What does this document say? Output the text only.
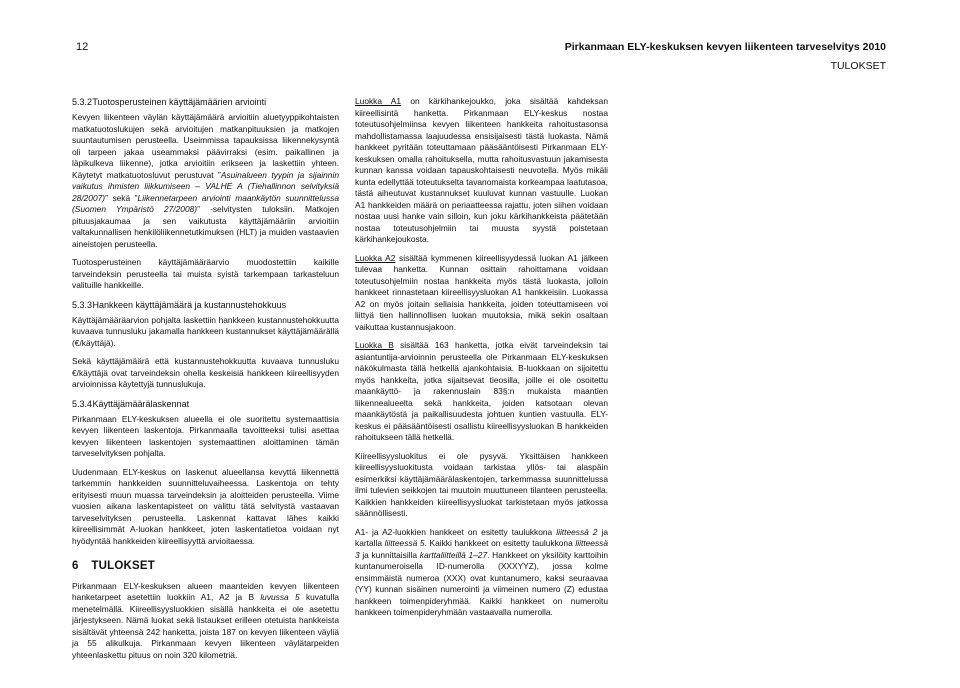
12	Pirkanmaan ELY-keskuksen kevyen liikenteen tarveselvitys 2010
TULOKSET
5.3.2 Tuotosperusteinen käyttäjämäärien arviointi

Kevyen liikenteen väylän käyttäjämäärä arvioitiin aluetyyppikohtaisten matkatuotoslukujen sekä arvioitujen matkanpituuksien ja matkojen suuntautumisen perusteella. Useimmissa tapauksissa liikennekysyntä oli tarpeen jakaa useammaksi päävirraksi (esim. paikallinen ja läpikulkeva liikenne), jotka arvioitiin erikseen ja laskettiin yhteen. Käytetyt matkatuotosluvut perustuvat ”Asuinalueen tyypin ja sijainnin vaikutus ihmisten liikkumiseen – VALHE A (Tiehallinnon selvityksiä 28/2007)” sekä ”Liikennetarpeen arviointi maankäytön suunnittelussa (Suomen Ympäristö 27/2008)” -selvitysten tuloksiin. Matkojen pituusjakaumaa ja sen vaikutusta käyttäjämääriin arvioitiin valtakunnallisen henkilöliikennetutkimuksen (HLT) ja muiden vastaavien aineistojen perusteella.

Tuotosperusteinen käyttäjämääräarvio muodostettiin kaikille tarveindeksin perusteella tai muista syistä tarkempaan tarkasteluun valituille hankkeille.

5.3.3 Hankkeen käyttäjämäärä ja kustannustehokkuus

Käyttäjämääräarvion pohjalta laskettiin hankkeen kustannustehokkuutta kuvaava tunnusluku jakamalla hankkeen kustannukset käyttäjämäärällä (€/käyttäjä).

Sekä käyttäjämäärä että kustannustehokkuutta kuvaava tunnusluku €/käyttäjä ovat tarveindeksin ohella keskeisiä hankkeen kiireellisyyden arvioinnissa käytettyjä tunnuslukuja.

5.3.4 Käyttäjämäärälaskennat

Pirkanmaan ELY-keskuksen alueella ei ole suoritettu systemaattisia kevyen liikenteen laskentoja. Pirkanmaalla tavoitteeksi tulisi asettaa kevyen liikenteen laskentojen systemaattinen aloittaminen tämän tarveselvityksen pohjalta.

Uudenmaan ELY-keskus on laskenut alueellansa kevyttä liikennettä tarkemmin hankkeiden suunnitteluvaiheessa. Laskentoja on tehty erityisesti muun muassa tarveindeksin ja aloitteiden perusteella. Viime vuosien aikana laskentapisteet on valittu tätä selvitystä vastaavan tarveselvityksen perusteella. Laskennat kattavat lähes kaikki kiireellisimmät A-luokan hankkeet, joten laskentatietoa voidaan nyt hyödyntää hankkeiden kiireellisyyttä arvioitaessa.

6 TULOKSET

Pirkanmaan ELY-keskuksen alueen maanteiden kevyen liikenteen hanketarpeet asetettiin luokkiin A1, A2 ja B luvussa 5 kuvatulla menetelmällä. Kiireellisyysluokkien sisällä hankkeita ei ole asetettu järjestykseen. Nämä luokat sekä listaukset erilleen otetuista hankkeista sisältävät yhteensä 242 hanketta, joista 187 on kevyen liikenteen väyliä ja 55 alikulkuja. Pirkanmaan kevyen liikenteen väylätarpeiden yhteenlaskettu pituus on noin 320 kilometriä.

Luokka A1 on kärkihankejoukko, joka sisältää kahdeksan kiireellisintä hanketta. Pirkanmaan ELY-keskus nostaa toteutusohjelmiinsa kevyen liikenteen hankkeita rahoitustasonsa mahdollistamassa laajuudessa ensisijaisesti tästä luokasta. Nämä hankkeet pyritään toteuttamaan pääsääntöisesti Pirkanmaan ELY-keskuksen omalla rahoituksella, mutta rahoitusvastuun jakamisesta kunnan kanssa voidaan tapauskohtaisesti neuvotella. Myös mikäli kunta edellyttää toteutukselta tavanomaista korkeampaa laatutasoa, tästä aiheutuvat kustannukset kuuluvat kunnan vastuulle. Luokan A1 hankkeiden määrä on periaatteessa rajattu, joten siihen voidaan nostaa uusi hanke vain silloin, kun joku kärkihankkeista päätetään nostaa toteutusohjelmiin tai muusta syystä poistetaan kärkihankejoukosta.

Luokka A2 sisältää kymmenen kiireellisyydessä luokan A1 jälkeen tulevaa hanketta. Kunnan osittain rahoittamana voidaan toteutusohjelmiin nostaa hankkeita myös tästä luokasta, jolloin hankkeet rinnastetaan kiireellisyysluokan A1 hankkeisiin. Luokassa A2 on myös joitain sellaisia hankkeita, joiden toteuttamiseen voi liittyä tien hallinnollisen luokan muutoksia, mikä sekin osaltaan vaikuttaa kustannusjakoon.

Luokka B sisältää 163 hanketta, jotka eivät tarveindeksin tai asiantuntija-arvioinnin perusteella ole Pirkanmaan ELY-keskuksen näkökulmasta tällä hetkellä ajankohtaisia. B-luokkaan on sijoitettu myös hankkeita, jotka sijaitsevat tieosilla, joille ei ole osoitettu maankäyttö- ja rakennuslain 83§:n mukaista maantien liikennealueelta sekä hankkeita, joiden katsotaan olevan maankäytöstä ja paikallisuudesta johtuen kuntien vastuulla. ELY-keskus ei pääsääntöisesti osallistu kiireellisyysluokan B hankkeiden rahoitukseen tällä hetkellä.

Kiireellisyysluokitus ei ole pysyvä. Yksittäisen hankkeen kiireellisyysluokitusta voidaan tarkistaa yllös- tai alaspäin esimerkiksi käyttäjämäärälaskentojen, tarkemmassa suunnittelussa ilmi tulevien seikkojen tai muutoin muuttuneen tilanteen perusteella. Kaikkien hankkeiden kiireellisyysluokat tarkistetaan myös jatkossa säännöllisesti.

A1- ja A2-luokkien hankkeet on esitetty taulukkona liitteessä 2 ja kartalla liitteessä 5. Kaikki hankkeet on esitetty taulukkona liitteessä 3 ja kunnittaisilla karttaliitteillä 1–27. Hankkeet on yksilöity karttoihin kuntanumeroisella ID-numerolla (XXXYYZ), jossa kolme ensimmäistä numeroa (XXX) ovat kuntanumero, kaksi seuraavaa (YY) kunnan sisäinen numerointi ja viimeinen numero (Z) edustaa hankkeen toimenpideryhmää. Kaikki hankkeet on numeroitu hankkeen toimenpideryhmään vastaavalla numerolla.
